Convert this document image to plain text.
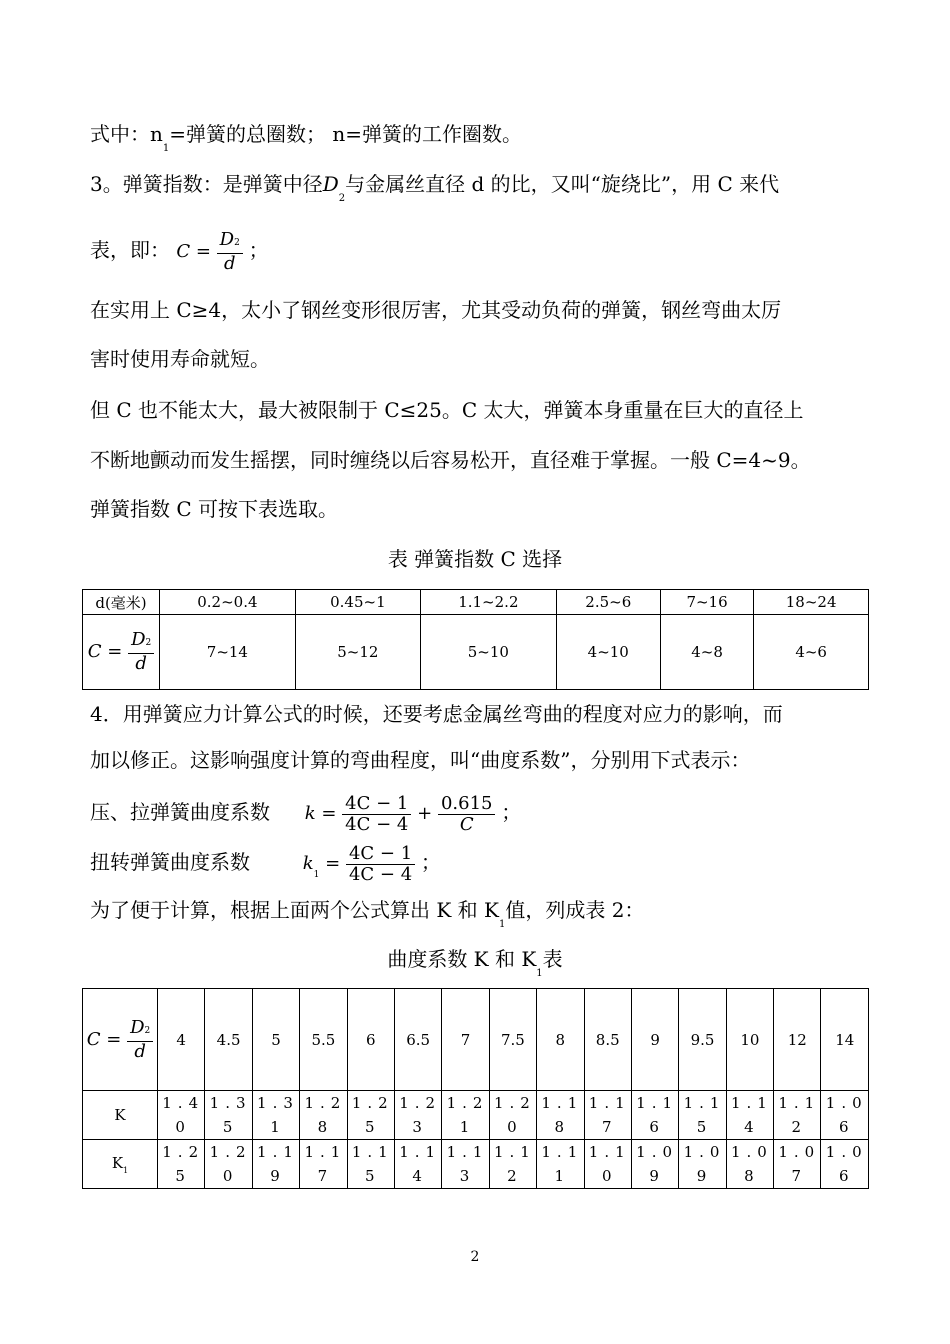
式中：$n_1=$弹簧的总圈数； n=弹簧的工作圈数。
3。弹簧指数：是弹簧中径$D_2$与金属丝直径 d 的比，又叫“旋绕比”，用 C 来代
表，即： $C = \frac{D2}{d}$ ；
在实用上 C≥4，太小了钢丝变形很厉害，尤其受动负荷的弹簧，钢丝弯曲太厉
害时使用寿命就短。
但 C 也不能太大，最大被限制于 C≤25。C 太大，弹簧本身重量在巨大的直径上
不断地颤动而发生摇摆，同时缠绕以后容易松开，直径难于掌握。一般 C=4~9。
弹簧指数 C 可按下表选取。
表 弹簧指数 C 选择
d(毫米)	0.2~0.4	0.45~1	1.1~2.2	2.5~6	7~16	18~24
$C = \frac{D2}{d}$	7~14	5~12	5~10	4~10	4~8	4~6
4．用弹簧应力计算公式的时候，还要考虑金属丝弯曲的程度对应力的影响，而
加以修正。这影响强度计算的弯曲程度，叫“曲度系数”，分别用下式表示：
压、拉弹簧曲度系数 $k = \frac{4C - 1}{4C - 4} + \frac{0.615}{C}$ ；
扭转弹簧曲度系数	$k_1 = \frac{4C - 1}{4C - 4}$ ；
为了便于计算，根据上面两个公式算出 K 和 $K_1$值，列成表 2：
曲度系数 K 和 $K_1$表
$C = \frac{D2}{d}$	4	4.5	5	5.5	6	6.5	7	7.5	8	8.5	9	9.5	10	12	14
K	1.40	1.35	1.31	1.28	1.25	1.23	1.21	1.20	1.18	1.17	1.16	1.15	1.14	1.12	1.06
$K_1$	1.25	1.20	1.19	1.17	1.15	1.14	1.13	1.12	1.11	1.10	1.09	1.09	1.08	1.07	1.06
2
